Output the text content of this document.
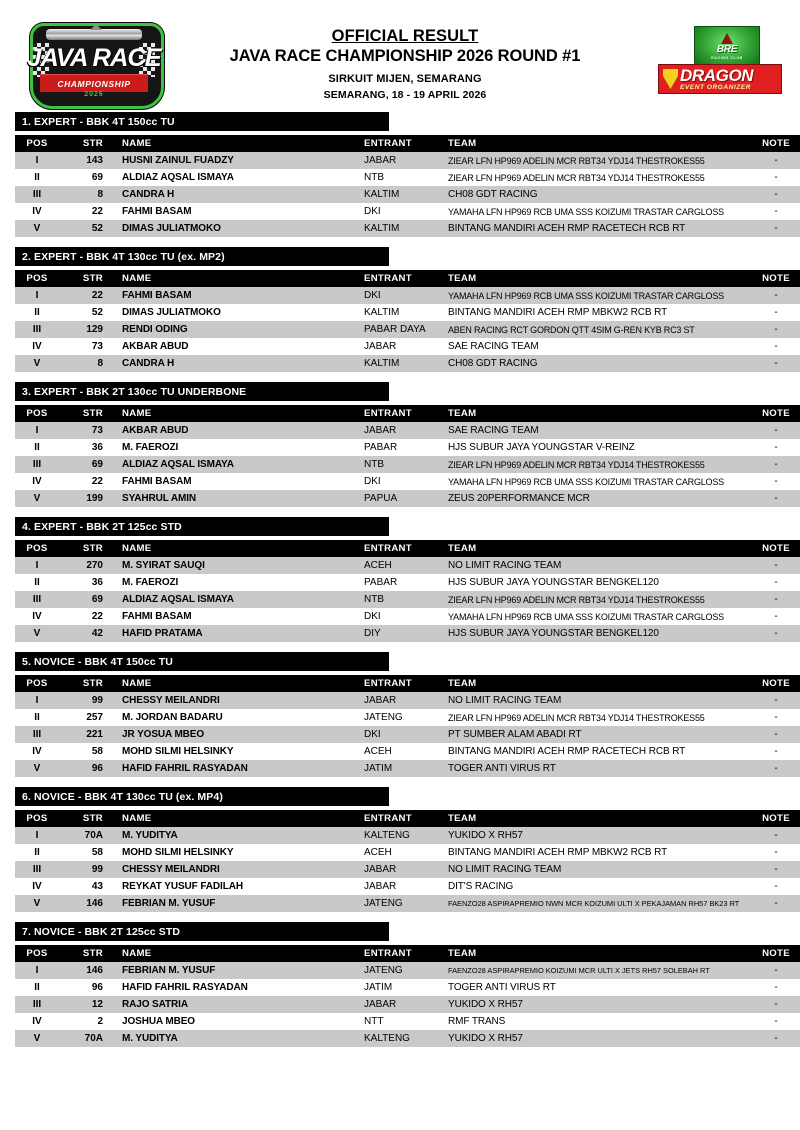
JAVA RACE
CHAMPIONSHIP
2026
OFFICIAL RESULT
JAVA RACE CHAMPIONSHIP 2026 ROUND #1
SIRKUIT MIJEN, SEMARANG
SEMARANG, 18 - 19 APRIL 2026
BRE
RACING CLUB
DRAGON
EVENT ORGANIZER
1. EXPERT - BBK 4T 150cc TU
POS	STR	NAME	ENTRANT	TEAM	NOTE
I	143	HUSNI ZAINUL FUADZY	JABAR	ZIEAR LFN HP969 ADELIN MCR RBT34 YDJ14 THESTROKES55	-
II	69	ALDIAZ AQSAL ISMAYA	NTB	ZIEAR LFN HP969 ADELIN MCR RBT34 YDJ14 THESTROKES55	-
III	8	CANDRA H	KALTIM	CH08 GDT RACING	-
IV	22	FAHMI BASAM	DKI	YAMAHA LFN HP969 RCB UMA SSS KOIZUMI TRASTAR CARGLOSS	-
V	52	DIMAS JULIATMOKO	KALTIM	BINTANG MANDIRI ACEH RMP RACETECH RCB RT	-
2. EXPERT - BBK 4T 130cc TU (ex. MP2)
POS	STR	NAME	ENTRANT	TEAM	NOTE
I	22	FAHMI BASAM	DKI	YAMAHA LFN HP969 RCB UMA SSS KOIZUMI TRASTAR CARGLOSS	-
II	52	DIMAS JULIATMOKO	KALTIM	BINTANG MANDIRI ACEH RMP MBKW2 RCB RT	-
III	129	RENDI ODING	PABAR DAYA	ABEN RACING RCT GORDON QTT 4SIM G-REN KYB RC3 ST	-
IV	73	AKBAR ABUD	JABAR	SAE RACING TEAM	-
V	8	CANDRA H	KALTIM	CH08 GDT RACING	-
3. EXPERT - BBK 2T 130cc TU UNDERBONE
POS	STR	NAME	ENTRANT	TEAM	NOTE
I	73	AKBAR ABUD	JABAR	SAE RACING TEAM	-
II	36	M. FAEROZI	PABAR	HJS SUBUR JAYA YOUNGSTAR V-REINZ	-
III	69	ALDIAZ AQSAL ISMAYA	NTB	ZIEAR LFN HP969 ADELIN MCR RBT34 YDJ14 THESTROKES55	-
IV	22	FAHMI BASAM	DKI	YAMAHA LFN HP969 RCB UMA SSS KOIZUMI TRASTAR CARGLOSS	-
V	199	SYAHRUL AMIN	PAPUA	ZEUS 20PERFORMANCE MCR	-
4. EXPERT - BBK 2T 125cc STD
POS	STR	NAME	ENTRANT	TEAM	NOTE
I	270	M. SYIRAT SAUQI	ACEH	NO LIMIT RACING TEAM	-
II	36	M. FAEROZI	PABAR	HJS SUBUR JAYA YOUNGSTAR BENGKEL120	-
III	69	ALDIAZ AQSAL ISMAYA	NTB	ZIEAR LFN HP969 ADELIN MCR RBT34 YDJ14 THESTROKES55	-
IV	22	FAHMI BASAM	DKI	YAMAHA LFN HP969 RCB UMA SSS KOIZUMI TRASTAR CARGLOSS	-
V	42	HAFID PRATAMA	DIY	HJS SUBUR JAYA YOUNGSTAR BENGKEL120	-
5. NOVICE - BBK 4T 150cc TU
POS	STR	NAME	ENTRANT	TEAM	NOTE
I	99	CHESSY MEILANDRI	JABAR	NO LIMIT RACING TEAM	-
II	257	M. JORDAN BADARU	JATENG	ZIEAR LFN HP969 ADELIN MCR RBT34 YDJ14 THESTROKES55	-
III	221	JR YOSUA MBEO	DKI	PT SUMBER ALAM ABADI RT	-
IV	58	MOHD SILMI HELSINKY	ACEH	BINTANG MANDIRI ACEH RMP RACETECH RCB RT	-
V	96	HAFID FAHRIL RASYADAN	JATIM	TOGER ANTI VIRUS RT	-
6. NOVICE - BBK 4T 130cc TU (ex. MP4)
POS	STR	NAME	ENTRANT	TEAM	NOTE
I	70A	M. YUDITYA	KALTENG	YUKIDO X RH57	-
II	58	MOHD SILMI HELSINKY	ACEH	BINTANG MANDIRI ACEH RMP MBKW2 RCB RT	-
III	99	CHESSY MEILANDRI	JABAR	NO LIMIT RACING TEAM	-
IV	43	REYKAT YUSUF FADILAH	JABAR	DIT'S RACING	-
V	146	FEBRIAN M. YUSUF	JATENG	FAENZO28 ASPIRAPREMIO NWN MCR KOIZUMI ULTI X PEKAJAMAN RH57 BK23 RT	-
7. NOVICE - BBK 2T 125cc STD
POS	STR	NAME	ENTRANT	TEAM	NOTE
I	146	FEBRIAN M. YUSUF	JATENG	FAENZO28 ASPIRAPREMIO KOIZUMI MCR ULTI X JETS RH57 SOLEBAH RT	-
II	96	HAFID FAHRIL RASYADAN	JATIM	TOGER ANTI VIRUS RT	-
III	12	RAJO SATRIA	JABAR	YUKIDO X RH57	-
IV	2	JOSHUA MBEO	NTT	RMF TRANS	-
V	70A	M. YUDITYA	KALTENG	YUKIDO X RH57	-
